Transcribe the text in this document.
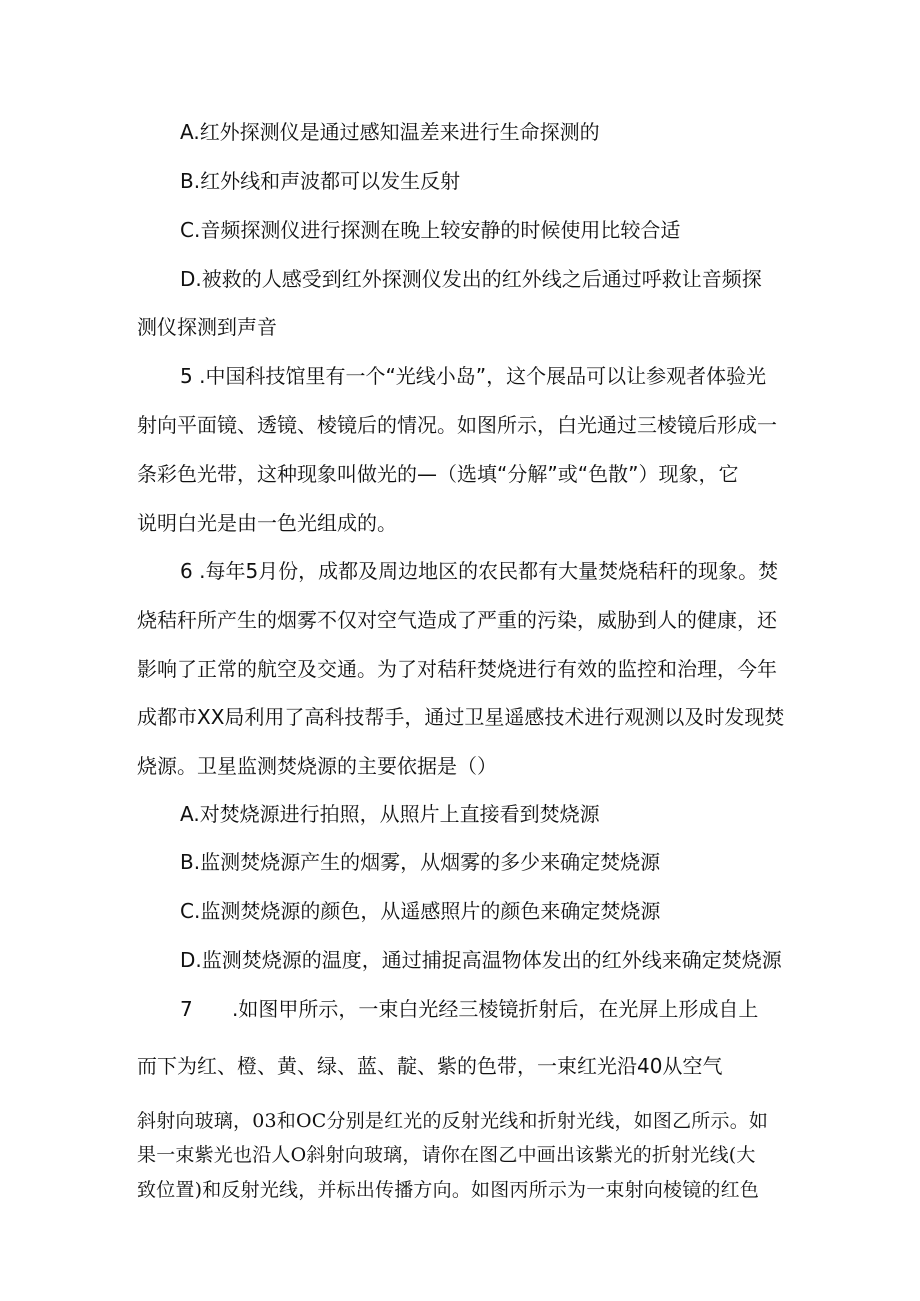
A.红外探测仪是通过感知温差来进行生命探测的

B.红外线和声波都可以发生反射

C.音频探测仪进行探测在晚上较安静的时候使用比较合适

D.被救的人感受到红外探测仪发出的红外线之后通过呼救让音频探

测仪探测到声音

5 .中国科技馆里有一个“光线小岛”，这个展品可以让参观者体验光

射向平面镜、透镜、棱镜后的情况。如图所示，白光通过三棱镜后形成一

条彩色光带，这种现象叫做光的—（选填“分解”或“色散”）现象，它

说明白光是由一色光组成的。

6 .每年5月份，成都及周边地区的农民都有大量焚烧秸秆的现象。焚

烧秸秆所产生的烟雾不仅对空气造成了严重的污染，威胁到人的健康，还

影响了正常的航空及交通。为了对秸秆焚烧进行有效的监控和治理，今年

成都市XX局利用了高科技帮手，通过卫星遥感技术进行观测以及时发现焚

烧源。卫星监测焚烧源的主要依据是（）

A.对焚烧源进行拍照，从照片上直接看到焚烧源

B.监测焚烧源产生的烟雾，从烟雾的多少来确定焚烧源

C.监测焚烧源的颜色，从遥感照片的颜色来确定焚烧源

D.监测焚烧源的温度，通过捕捉高温物体发出的红外线来确定焚烧源

7 .如图甲所示，一束白光经三棱镜折射后，在光屏上形成自上

而下为红、橙、黄、绿、蓝、靛、紫的色带，一束红光沿40从空气

斜射向玻璃，03和OC分别是红光的反射光线和折射光线，如图乙所示。如

果一束紫光也沿人O斜射向玻璃，请你在图乙中画出该紫光的折射光线(大

致位置)和反射光线，并标出传播方向。如图丙所示为一束射向棱镜的红色
